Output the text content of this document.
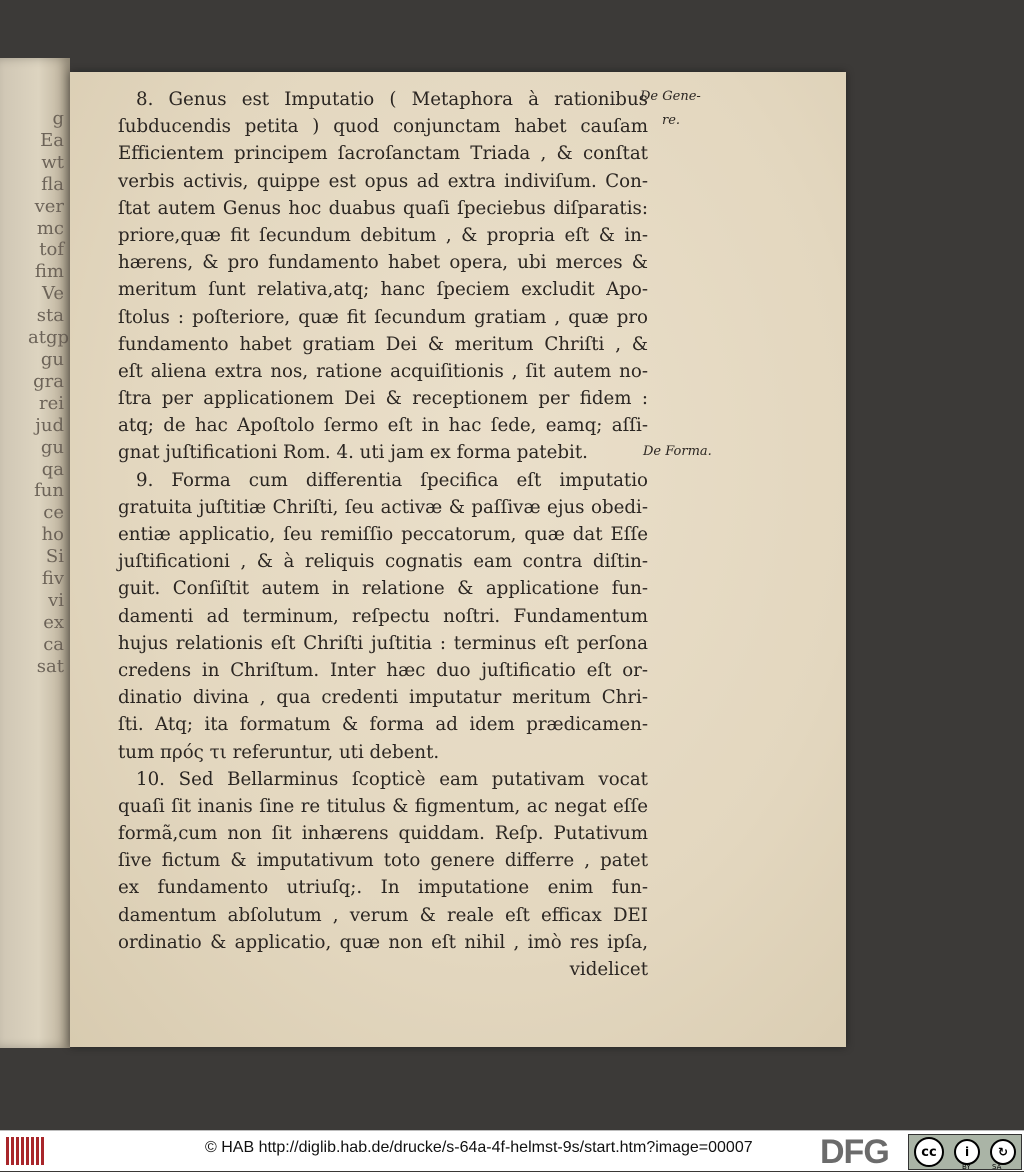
g
Ea
wt
fla
ver
mc
tof
fim
Ve
sta
atgp
gu
gra
rei
jud
gu
qa
fun
ce
ho
Si
fiv
vi
ex
ca
sat
De Gene-
re.
De Forma.
8. Genus est Imputatio ( Metaphora à rationibus
ſubducendis petita ) quod conjunctam habet cauſam
Efficientem principem ſacroſanctam Triada , & conſtat
verbis activis, quippe est opus ad extra indiviſum. Con-
ſtat autem Genus hoc duabus quaſi ſpeciebus diſparatis:
priore,quæ fit ſecundum debitum , & propria eſt & in-
hærens, & pro fundamento habet opera, ubi merces &
meritum ſunt relativa,atq; hanc ſpeciem excludit Apo-
ſtolus : poſteriore, quæ fit ſecundum gratiam , quæ pro
fundamento habet gratiam Dei & meritum Chriſti , &
eſt aliena extra nos, ratione acquiſitionis , ſit autem no-
ſtra per applicationem Dei & receptionem per fidem :
atq; de hac Apoſtolo ſermo eſt in hac ſede, eamq; aſſi-
gnat juſtificationi Rom. 4. uti jam ex forma patebit.
9. Forma cum differentia ſpecifica eſt imputatio
gratuita juſtitiæ Chriſti, ſeu activæ & paſſivæ ejus obedi-
entiæ applicatio, ſeu remiſſio peccatorum, quæ dat Eſſe
juſtificationi , & à reliquis cognatis eam contra diſtin-
guit. Conſiſtit autem in relatione & applicatione fun-
damenti ad terminum, reſpectu noſtri. Fundamentum
hujus relationis eſt Chriſti juſtitia : terminus eſt perſona
credens in Chriſtum. Inter hæc duo juſtificatio eſt or-
dinatio divina , qua credenti imputatur meritum Chri-
ſti. Atq; ita formatum & forma ad idem prædicamen-
tum πρός τι referuntur, uti debent.
10. Sed Bellarminus ſcopticè eam putativam vocat
quaſi ſit inanis ſine re titulus & figmentum, ac negat eſſe
formã,cum non ſit inhærens quiddam. Reſp. Putativum
ſive fictum & imputativum toto genere differre , patet
ex fundamento utriuſq;. In imputatione enim fun-
damentum abſolutum , verum & reale eſt efficax DEI
ordinatio & applicatio, quæ non eſt nihil , imò res ipſa,
videlicet
© HAB http://diglib.hab.de/drucke/s-64a-4f-helmst-9s/start.htm?image=00007 DFG	cc	i	↻
BY	SA
